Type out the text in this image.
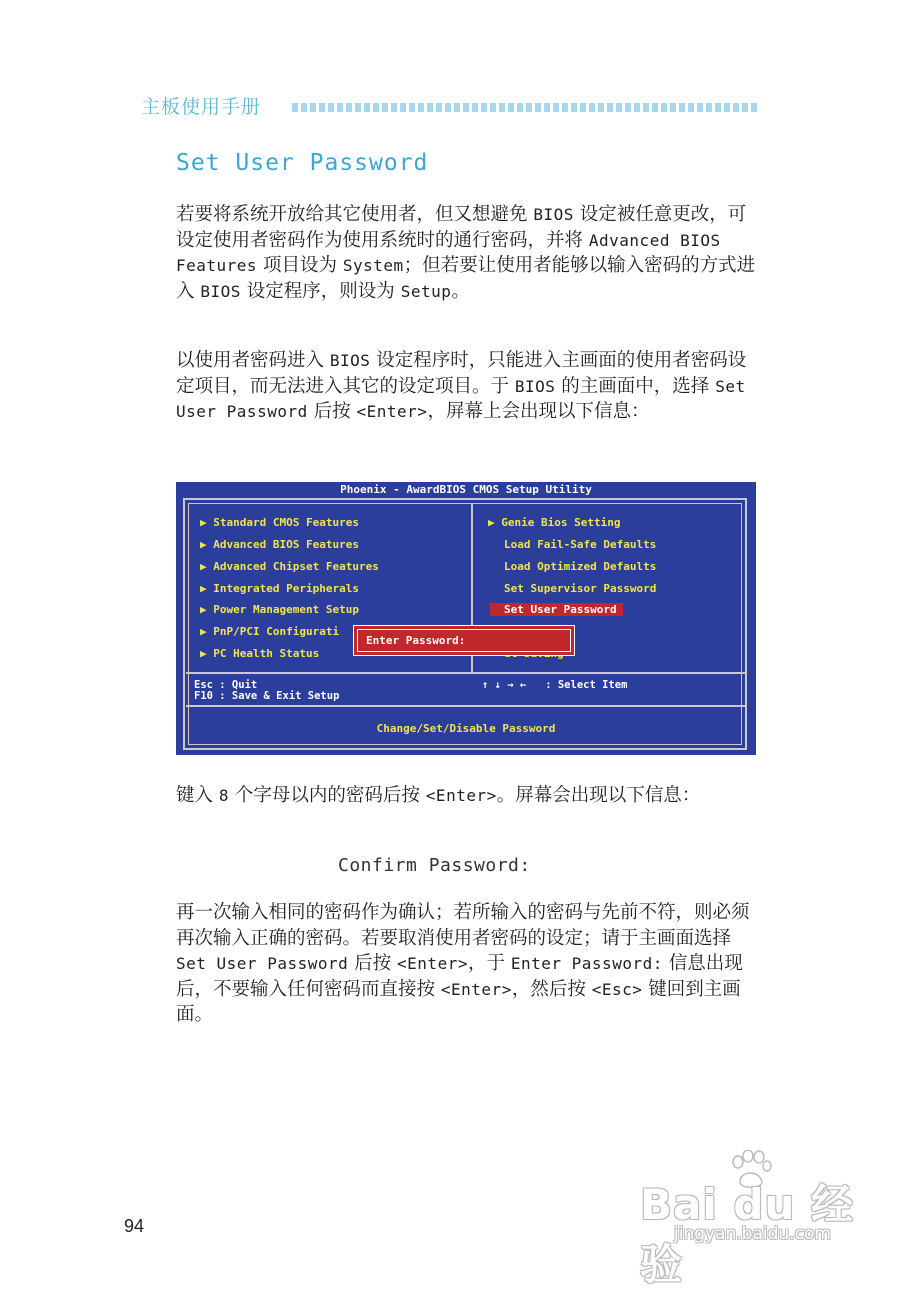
主板使用手册
Set User Password

若要将系统开放给其它使用者，但又想避免 BIOS 设定被任意更改，可设定使用者密码作为使用系统时的通行密码，并将 Advanced BIOS Features 项目设为 System；但若要让使用者能够以输入密码的方式进入 BIOS 设定程序，则设为 Setup。

以使用者密码进入 BIOS 设定程序时，只能进入主画面的使用者密码设定项目，而无法进入其它的设定项目。于 BIOS 的主画面中，选择 Set User Password 后按 <Enter>，屏幕上会出现以下信息：

Phoenix - AwardBIOS CMOS Setup Utility
▶ Standard CMOS Features
▶ Advanced BIOS Features
▶ Advanced Chipset Features
▶ Integrated Peripherals
▶ Power Management Setup
▶ PnP/PCI Configurati
▶ PC Health Status
▶ Genie Bios Setting
Load Fail-Safe Defaults
Load Optimized Defaults
Set Supervisor Password
Set User Password
Esc : Quit
F10 : Save & Exit Setup
↑ ↓ → ←   : Select Item
Change/Set/Disable Password
Enter Password:

键入 8 个字母以内的密码后按 <Enter>。屏幕会出现以下信息：

Confirm Password:

再一次输入相同的密码作为确认；若所输入的密码与先前不符，则必须再次输入正确的密码。若要取消使用者密码的设定；请于主画面选择 Set User Password 后按 <Enter>，于 Enter Password: 信息出现后，不要输入任何密码而直接按 <Enter>，然后按 <Esc> 键回到主画面。

94	Bai du 经验
jingyan.baidu.com
